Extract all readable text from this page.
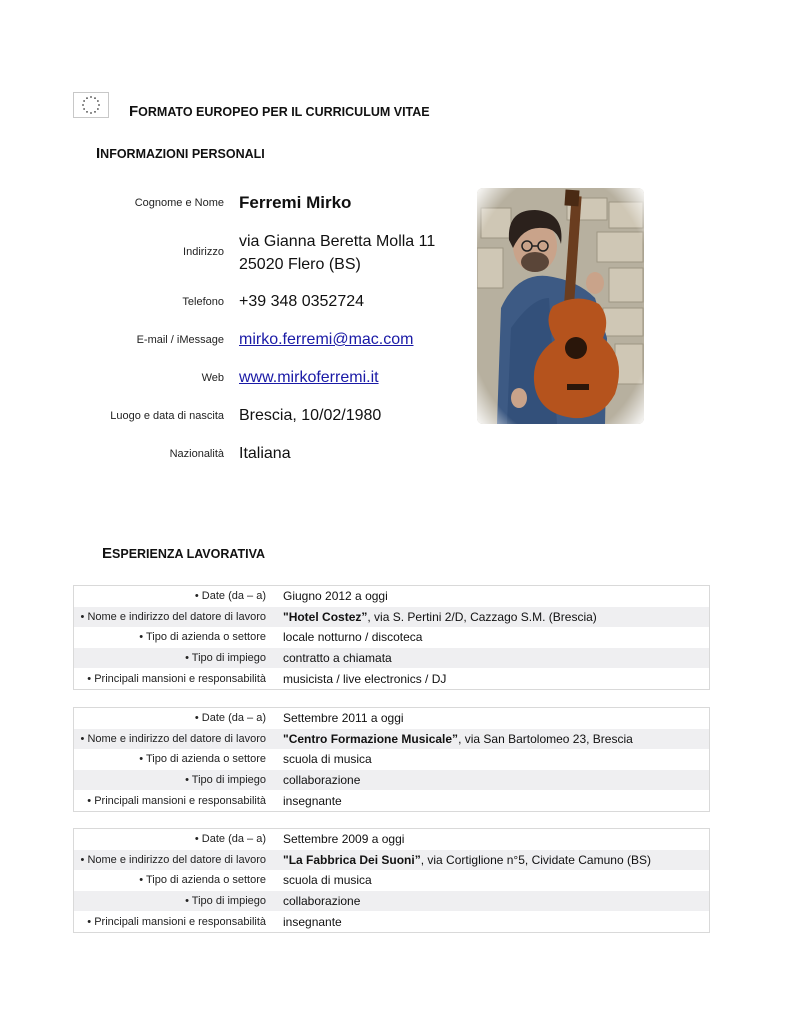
FORMATO EUROPEO PER IL CURRICULUM VITAE
INFORMAZIONI PERSONALI
Cognome e Nome Ferremi Mirko
Indirizzo
via Gianna Beretta Molla 11
25020 Flero (BS)
Telefono +39 348 0352724
E-mail / iMessage mirko.ferremi@mac.com
Web www.mirkoferremi.it
Luogo e data di nascita Brescia, 10/02/1980
Nazionalità Italiana
ESPERIENZA LAVORATIVA
• Date (da – a) Giugno 2012 a oggi
• Nome e indirizzo del datore di lavoro "Hotel Costez”, via S. Pertini 2/D, Cazzago S.M. (Brescia)
• Tipo di azienda o settore locale notturno / discoteca
• Tipo di impiego contratto a chiamata
• Principali mansioni e responsabilità musicista / live electronics / DJ
• Date (da – a) Settembre 2011 a oggi
• Nome e indirizzo del datore di lavoro "Centro Formazione Musicale”, via San Bartolomeo 23, Brescia
• Tipo di azienda o settore scuola di musica
• Tipo di impiego collaborazione
• Principali mansioni e responsabilità insegnante
• Date (da – a) Settembre 2009 a oggi
• Nome e indirizzo del datore di lavoro "La Fabbrica Dei Suoni”, via Cortiglione n°5, Cividate Camuno (BS)
• Tipo di azienda o settore scuola di musica
• Tipo di impiego collaborazione
• Principali mansioni e responsabilità insegnante
